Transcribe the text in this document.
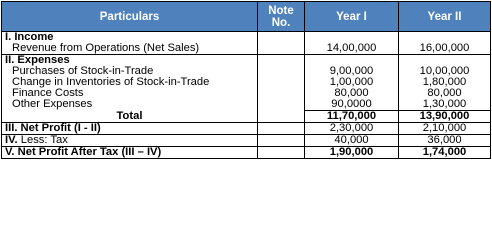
Particulars	Note No.	Year I	Year II
I. Income			
Revenue from Operations (Net Sales)		14,00,000	16,00,000
II. Expenses			
Purchases of Stock-in-Trade		9,00,000	10,00,000
Change in Inventories of Stock-in-Trade		1,00,000	1,80,000
Finance Costs		80,000	80,000
Other Expenses		90,0000	1,30,000
Total		11,70,000	13,90,000
III. Net Profit (I - II)		2,30,000	2,10,000
IV. Less: Tax		40,000	36,000
V. Net Profit After Tax (III – IV)		1,90,000	1,74,000
